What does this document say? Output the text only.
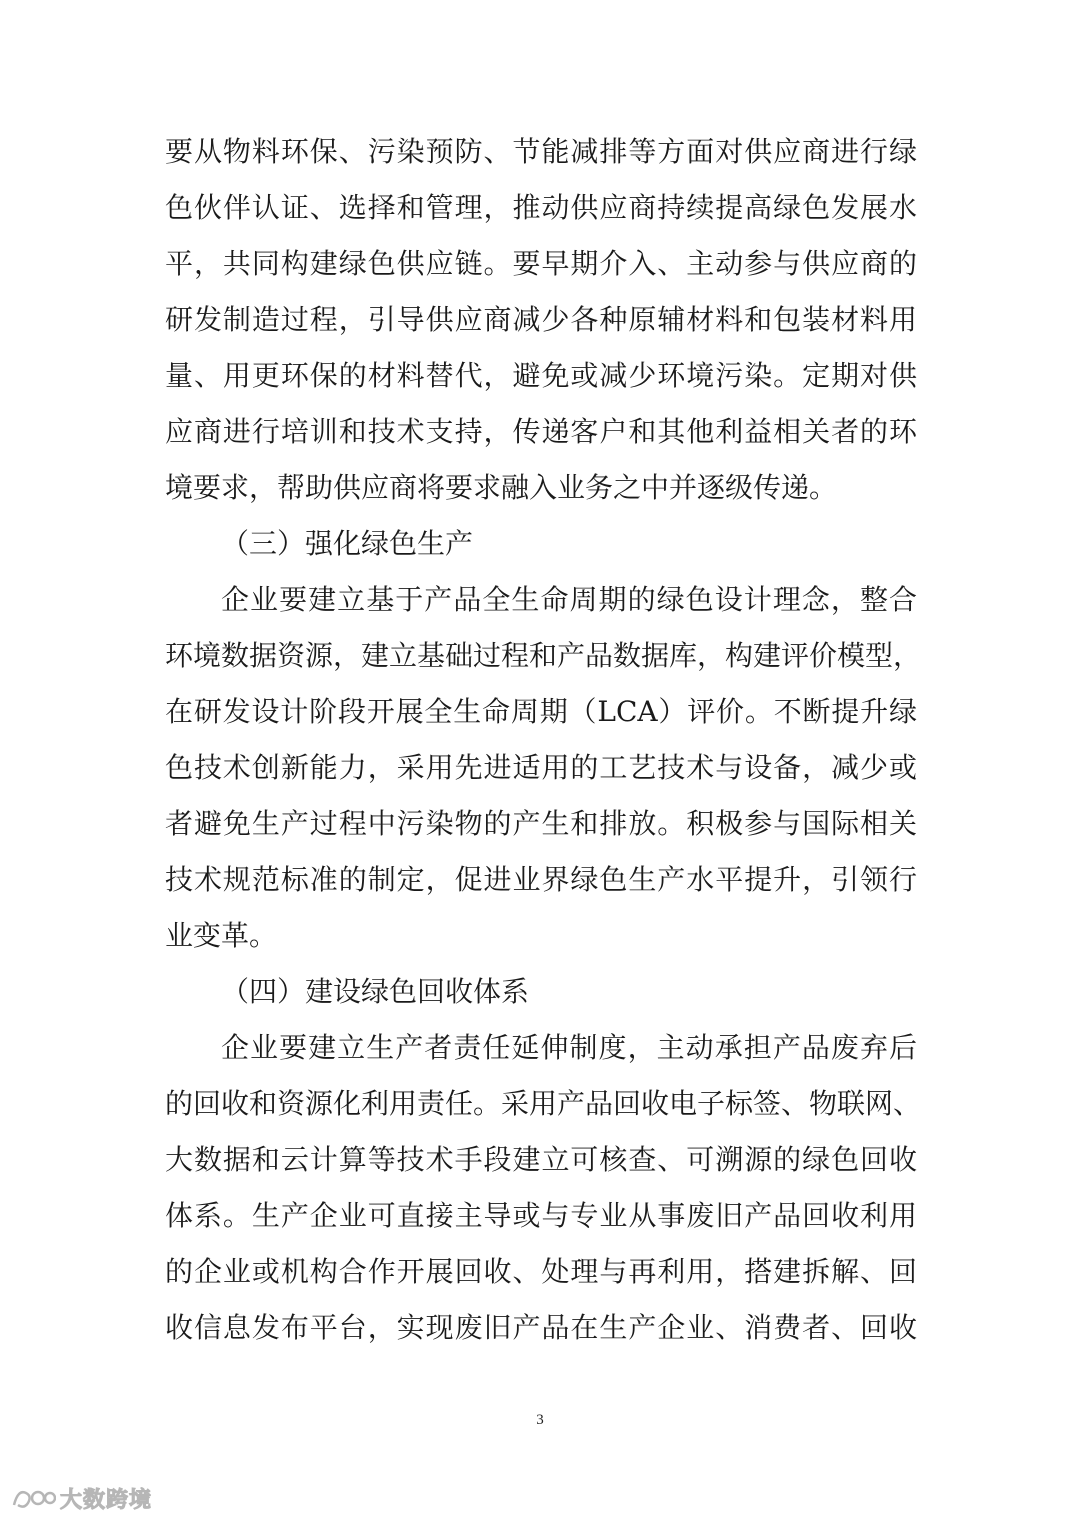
要从物料环保、污染预防、节能减排等方面对供应商进行绿
色伙伴认证、选择和管理，推动供应商持续提高绿色发展水
平，共同构建绿色供应链。要早期介入、主动参与供应商的
研发制造过程，引导供应商减少各种原辅材料和包装材料用
量、用更环保的材料替代，避免或减少环境污染。定期对供
应商进行培训和技术支持，传递客户和其他利益相关者的环
境要求，帮助供应商将要求融入业务之中并逐级传递。
（三）强化绿色生产
企业要建立基于产品全生命周期的绿色设计理念，整合
环境数据资源，建立基础过程和产品数据库，构建评价模型，
在研发设计阶段开展全生命周期（LCA）评价。不断提升绿
色技术创新能力，采用先进适用的工艺技术与设备，减少或
者避免生产过程中污染物的产生和排放。积极参与国际相关
技术规范标准的制定，促进业界绿色生产水平提升，引领行
业变革。
（四）建设绿色回收体系
企业要建立生产者责任延伸制度，主动承担产品废弃后
的回收和资源化利用责任。采用产品回收电子标签、物联网、
大数据和云计算等技术手段建立可核查、可溯源的绿色回收
体系。生产企业可直接主导或与专业从事废旧产品回收利用
的企业或机构合作开展回收、处理与再利用，搭建拆解、回
收信息发布平台，实现废旧产品在生产企业、消费者、回收
3
大数跨境
